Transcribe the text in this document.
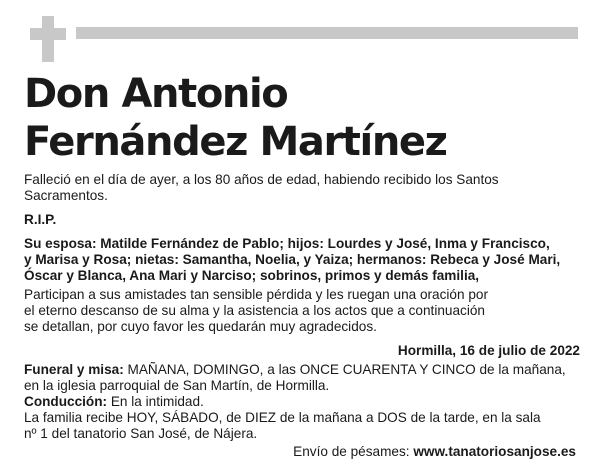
Don Antonio
Fernández Martínez

Falleció en el día de ayer, a los 80 años de edad, habiendo recibido los Santos
Sacramentos.

R.I.P.

Su esposa: Matilde Fernández de Pablo; hijos: Lourdes y José, Inma y Francisco,
y Marisa y Rosa; nietas: Samantha, Noelia, y Yaiza; hermanos: Rebeca y José Mari,
Óscar y Blanca, Ana Mari y Narciso; sobrinos, primos y demás familia,

Participan a sus amistades tan sensible pérdida y les ruegan una oración por
el eterno descanso de su alma y la asistencia a los actos que a continuación
se detallan, por cuyo favor les quedarán muy agradecidos.

Hormilla, 16 de julio de 2022

Funeral y misa: MAÑANA, DOMINGO, a las ONCE CUARENTA Y CINCO de la mañana,
en la iglesia parroquial de San Martín, de Hormilla.

Conducción: En la intimidad.

La familia recibe HOY, SÁBADO, de DIEZ de la mañana a DOS de la tarde, en la sala
nº 1 del tanatorio San José, de Nájera.

Envío de pésames: www.tanatoriosanjose.es
